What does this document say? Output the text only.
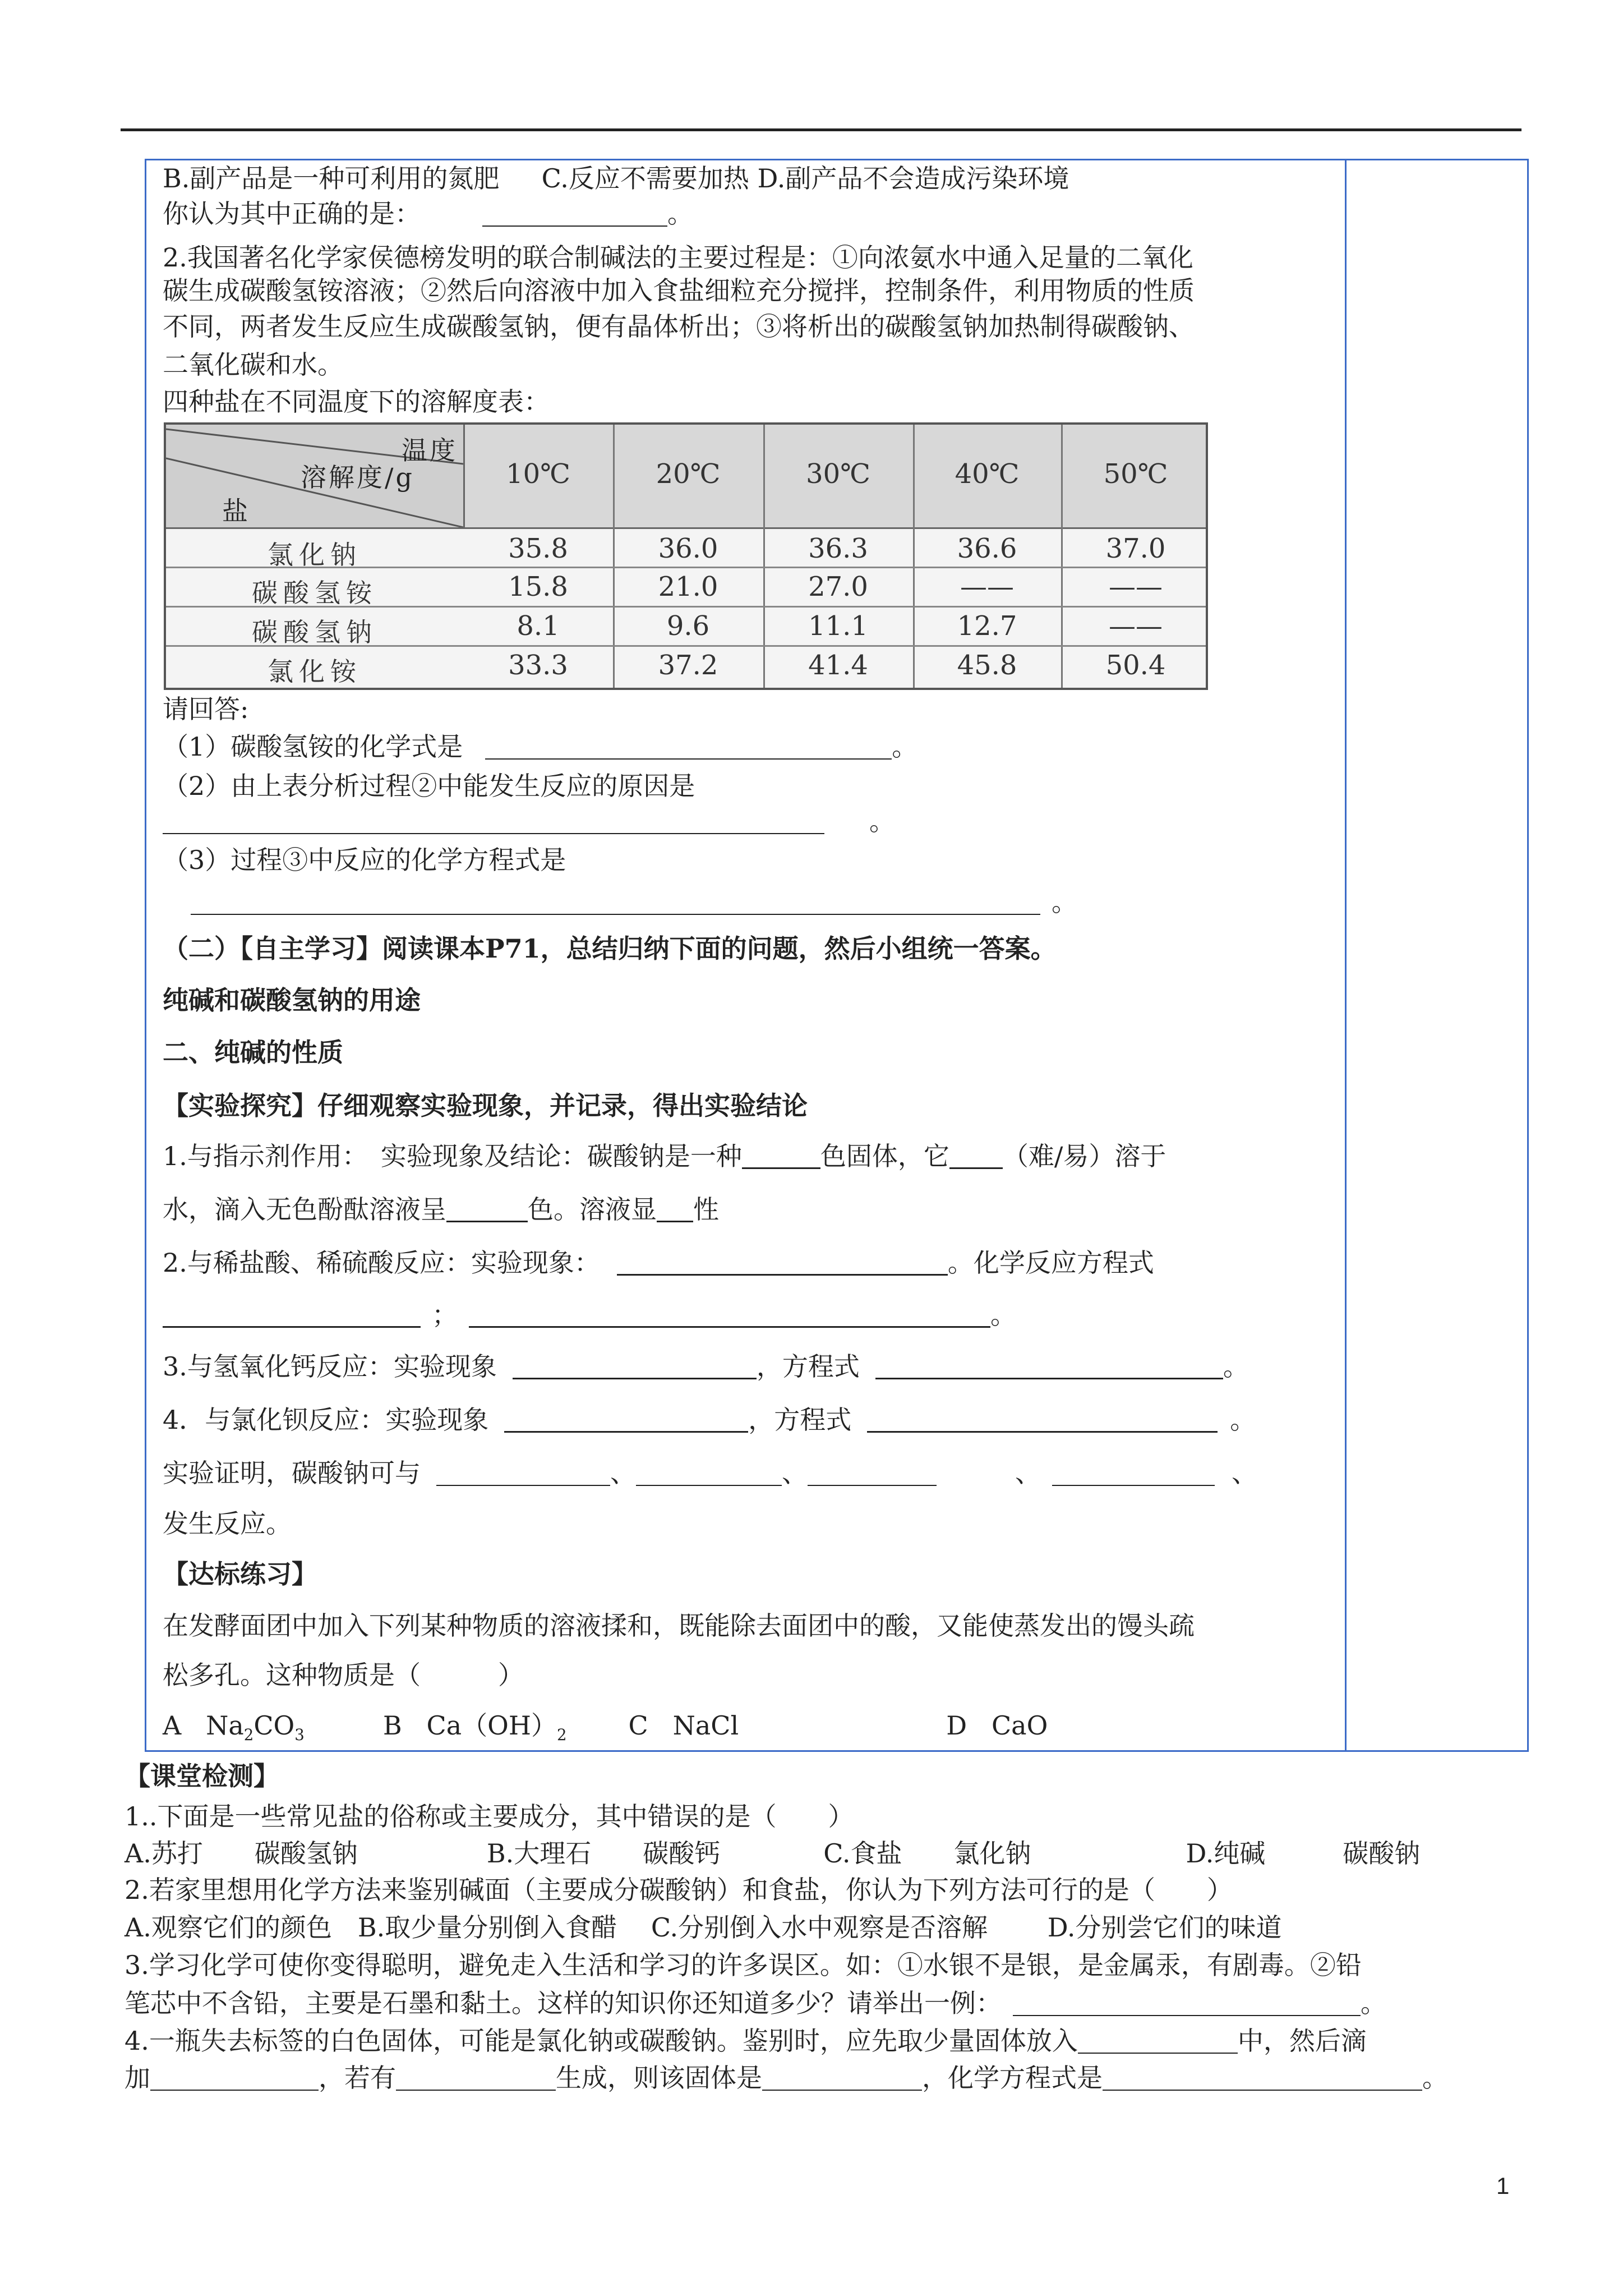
B.副产品是一种可利用的氮肥 　 C.反应不需要加热 D.副产品不会造成污染环境
你认为其中正确的是：	。
2.我国著名化学家侯德榜发明的联合制碱法的主要过程是：①向浓氨水中通入足量的二氧化
碳生成碳酸氢铵溶液；②然后向溶液中加入食盐细粒充分搅拌，控制条件，利用物质的性质
不同，两者发生反应生成碳酸氢钠，便有晶体析出；③将析出的碳酸氢钠加热制得碳酸钠、
二氧化碳和水。
四种盐在不同温度下的溶解度表：
温度
溶解度/g
盐
10℃	20℃	30℃	40℃	50℃
氯化钠	35.8	36.0	36.3	36.6	37.0
碳酸氢铵	15.8	21.0	27.0	——	——
碳酸氢钠	8.1	9.6	11.1	12.7	——
氯化铵	33.3	37.2	41.4	45.8	50.4
请回答:
（1）碳酸氢铵的化学式是	。
（2）由上表分析过程②中能发生反应的原因是
。
（3）过程③中反应的化学方程式是
。
（二）【自主学习】阅读课本P71，总结归纳下面的问题，然后小组统一答案。
纯碱和碳酸氢钠的用途
二、纯碱的性质
【实验探究】仔细观察实验现象，并记录，得出实验结论
1.与指示剂作用：　实验现象及结论：碳酸钠是一种	色固体，它 （难/易）溶于
水，滴入无色酚酞溶液呈	色。溶液显 性
2.与稀盐酸、稀硫酸反应：实验现象：	。化学反应方程式
；	。
3.与氢氧化钙反应：实验现象	，方程式	。
4．与氯化钡反应：实验现象	，方程式	。
实验证明，碳酸钠可与	、	、	、	、
发生反应。
【达标练习】
在发酵面团中加入下列某种物质的溶液揉和，既能除去面团中的酸，又能使蒸发出的馒头疏
松多孔。这种物质是（　　　）
A $Na_2CO_3$	B $Ca(OH)_2$ C NaCl	D CaO
【课堂检测】
1..下面是一些常见盐的俗称或主要成分，其中错误的是（　　）
A.苏打　　碳酸氢钠　　　　　B.大理石　　碳酸钙　　　　C.食盐　　氯化钠　　　　　　D.纯碱　　　碳酸钠
2.若家里想用化学方法来鉴别碱面（主要成分碳酸钠）和食盐，你认为下列方法可行的是（　　）
A.观察它们的颜色　B.取少量分别倒入食醋　 C.分别倒入水中观察是否溶解　　 D.分别尝它们的味道
3.学习化学可使你变得聪明，避免走入生活和学习的许多误区。如：①水银不是银，是金属汞，有剧毒。②铅
笔芯中不含铅，主要是石墨和黏土。这样的知识你还知道多少？请举出一例：	。
4.一瓶失去标签的白色固体，可能是氯化钠或碳酸钠。鉴别时，应先取少量固体放入	中，然后滴
加	，若有	生成，则该固体是	，化学方程式是	。
1
